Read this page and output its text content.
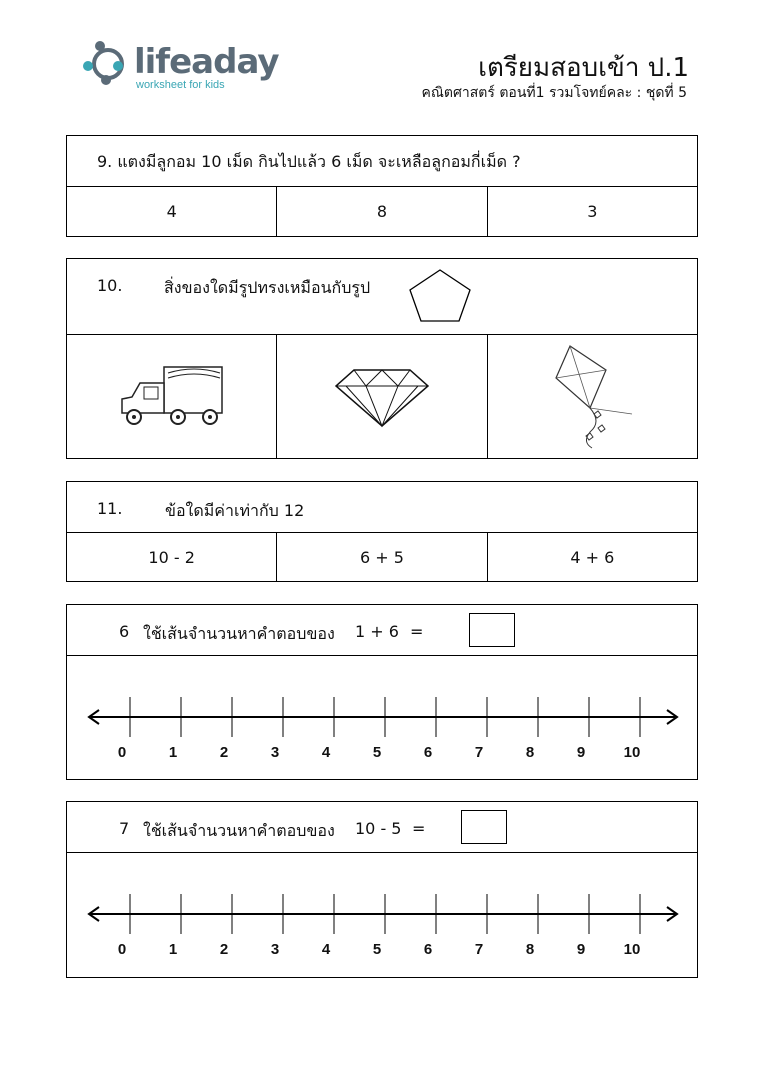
lifeaday
worksheet for kids
เตรียมสอบเข้า ป.1
คณิตศาสตร์ ตอนที่1 รวมโจทย์คละ : ชุดที่ 5
9. แตงมีลูกอม 10 เม็ด กินไปแล้ว 6 เม็ด จะเหลือลูกอมกี่เม็ด ?
4	8	3
10.	สิ่งของใดมีรูปทรงเหมือนกับรูป
11.	ข้อใดมีค่าเท่ากับ 12
10 - 2	6 + 5	4 + 6
6 ใช้เส้นจำนวนหาคำตอบของ 1 + 6 =
0	1	2	3	4	5	6	7	8	9	10
7 ใช้เส้นจำนวนหาคำตอบของ 10 - 5 =
0	1	2	3	4	5	6	7	8	9	10
